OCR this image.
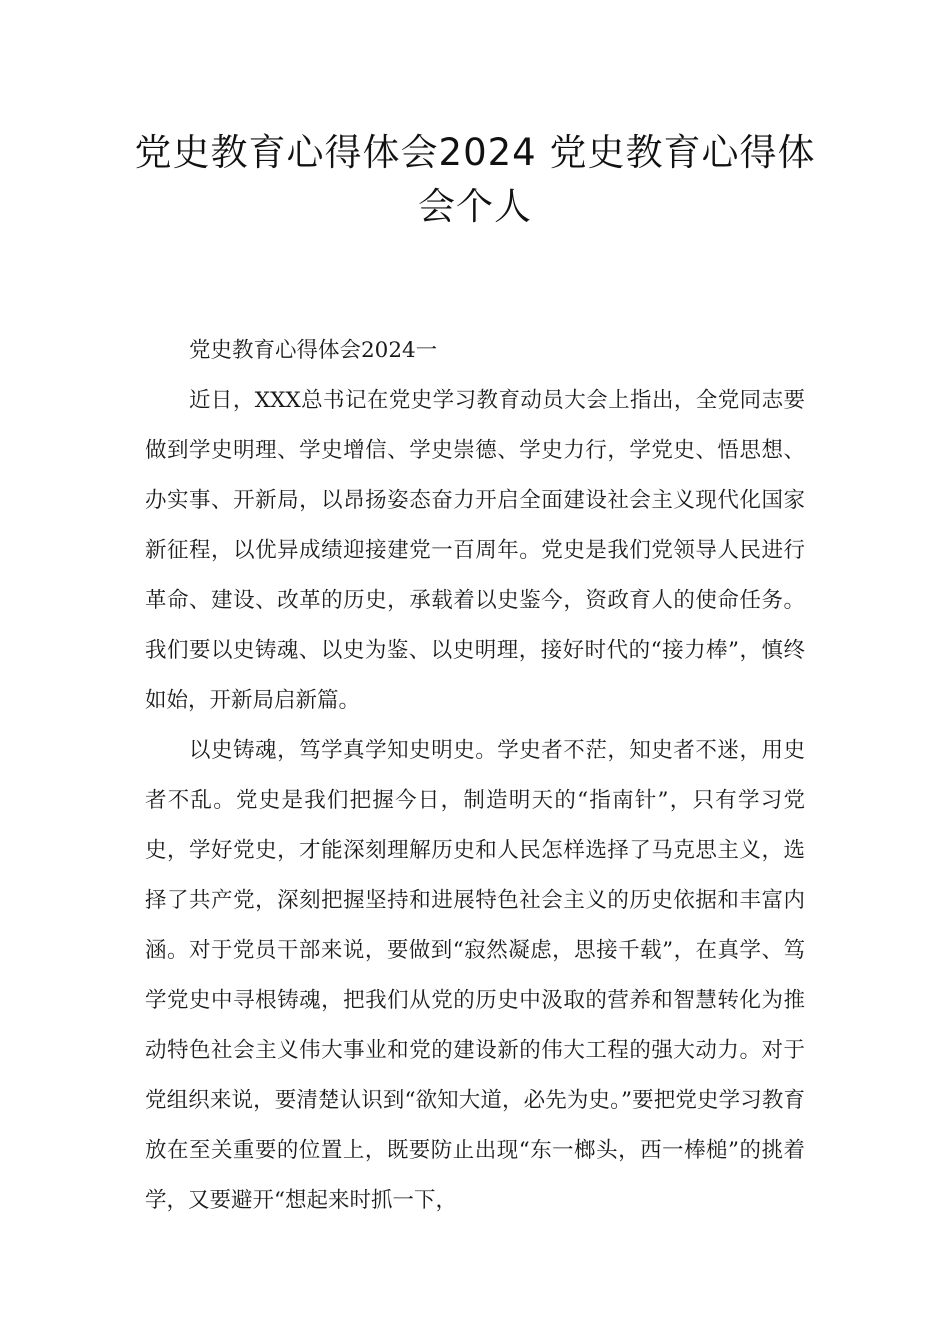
党史教育心得体会2024 党史教育心得体会个人

党史教育心得体会2024一

近日，XXX总书记在党史学习教育动员大会上指出，全党同志要做到学史明理、学史增信、学史崇德、学史力行，学党史、悟思想、办实事、开新局，以昂扬姿态奋力开启全面建设社会主义现代化国家新征程，以优异成绩迎接建党一百周年。党史是我们党领导人民进行革命、建设、改革的历史，承载着以史鉴今，资政育人的使命任务。我们要以史铸魂、以史为鉴、以史明理，接好时代的“接力棒”，慎终如始，开新局启新篇。

以史铸魂，笃学真学知史明史。学史者不茫，知史者不迷，用史者不乱。党史是我们把握今日，制造明天的“指南针”，只有学习党史，学好党史，才能深刻理解历史和人民怎样选择了马克思主义，选择了共产党，深刻把握坚持和进展特色社会主义的历史依据和丰富内涵。对于党员干部来说，要做到“寂然凝虑，思接千载”，在真学、笃学党史中寻根铸魂，把我们从党的历史中汲取的营养和智慧转化为推动特色社会主义伟大事业和党的建设新的伟大工程的强大动力。对于党组织来说，要清楚认识到“欲知大道，必先为史。”要把党史学习教育放在至关重要的位置上，既要防止出现“东一榔头，西一棒槌”的挑着学，又要避开“想起来时抓一下，
